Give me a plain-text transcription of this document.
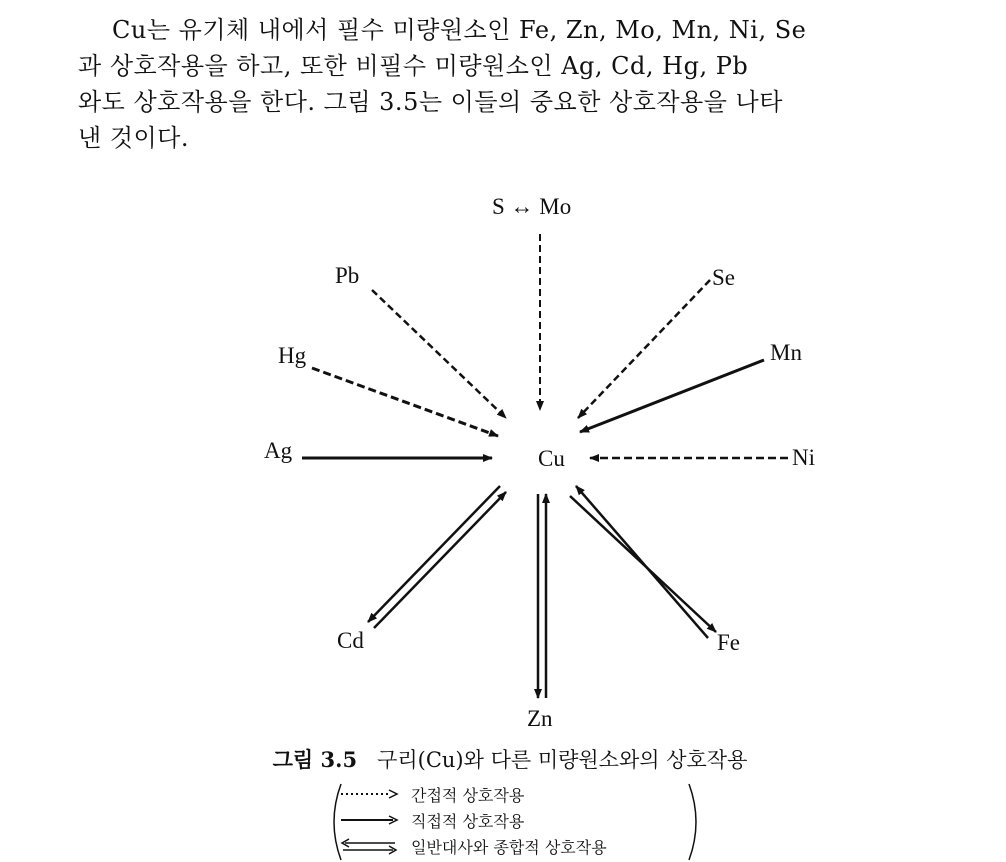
Cu는 유기체 내에서 필수 미량원소인 Fe, Zn, Mo, Mn, Ni, Se

과 상호작용을 하고, 또한 비필수 미량원소인 Ag, Cd, Hg, Pb

와도 상호작용을 한다. 그림 3.5는 이들의 중요한 상호작용을 나타

낸 것이다.

Cu
S ↔ Mo
Pb	Se
Hg	Mn
Ag	Ni
Cd	Fe
Zn
그림 3.5 구리(Cu)와 다른 미량원소와의 상호작용
간접적 상호작용
직접적 상호작용
일반대사와 종합적 상호작용
